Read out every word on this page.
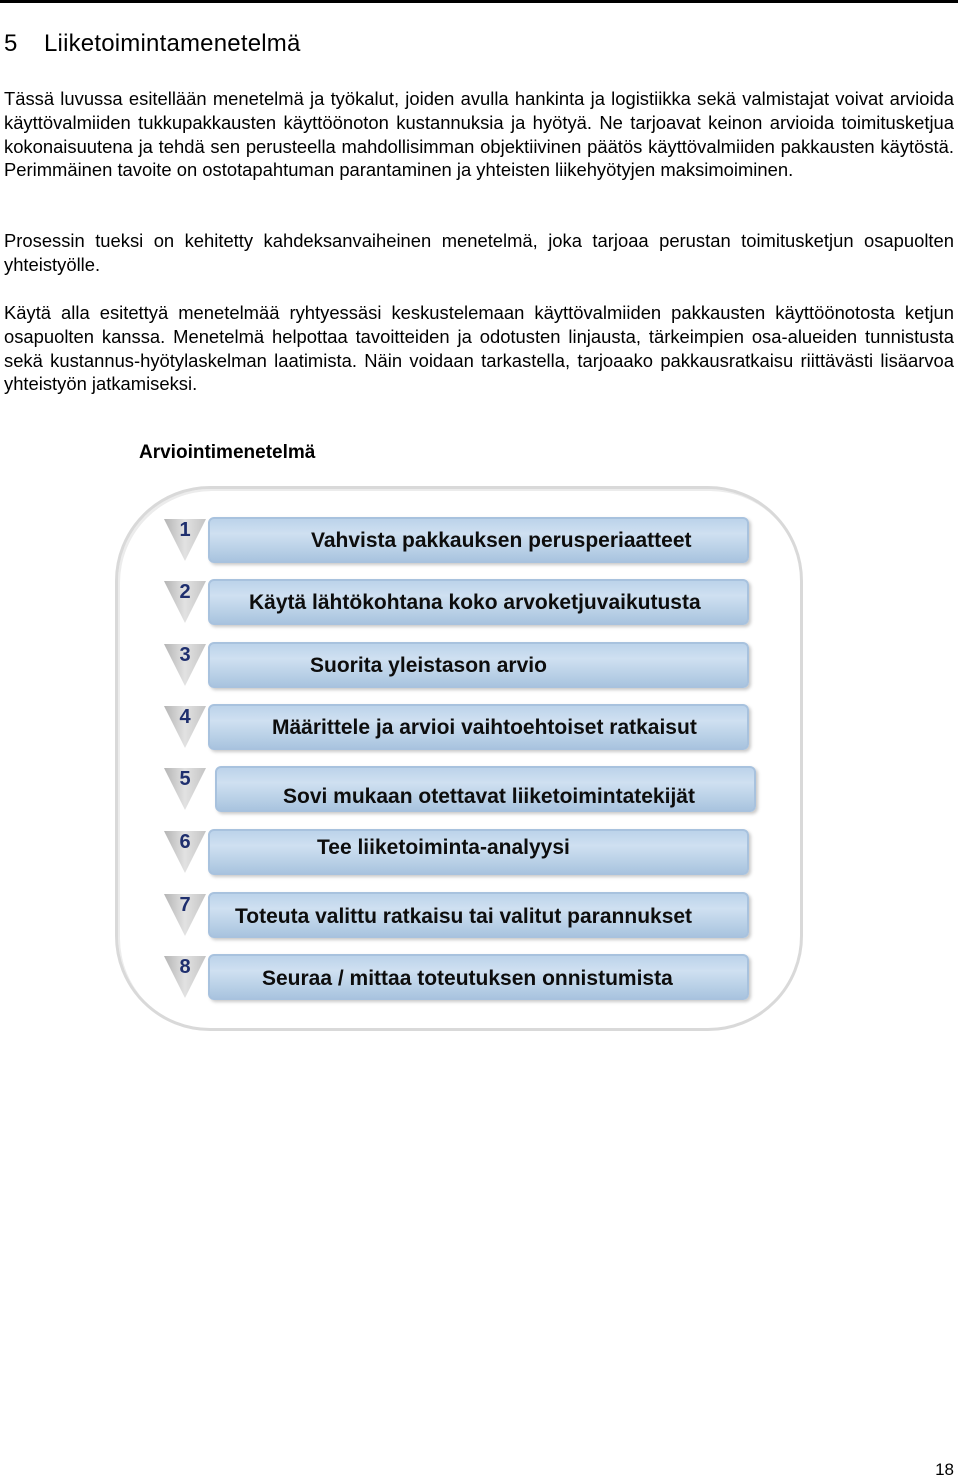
5 Liiketoimintamenetelmä

Tässä luvussa esitellään menetelmä ja työkalut, joiden avulla hankinta ja logistiikka sekä valmistajat voivat arvioida käyttövalmiiden tukkupakkausten käyttöönoton kustannuksia ja hyötyä. Ne tarjoavat keinon arvioida toimitusketjua kokonaisuutena ja tehdä sen perusteella mahdollisimman objektiivinen päätös käyttövalmiiden pakkausten käytöstä. Perimmäinen tavoite on ostotapahtuman parantaminen ja yhteisten liikehyötyjen maksimoiminen.

Prosessin tueksi on kehitetty kahdeksanvaiheinen menetelmä, joka tarjoaa perustan toimitusketjun osapuolten yhteistyölle.

Käytä alla esitettyä menetelmää ryhtyessäsi keskustelemaan käyttövalmiiden pakkausten käyttöönotosta ketjun osapuolten kanssa. Menetelmä helpottaa tavoitteiden ja odotusten linjausta, tärkeimpien osa-alueiden tunnistusta sekä kustannus-hyötylaskelman laatimista. Näin voidaan tarkastella, tarjoaako pakkausratkaisu riittävästi lisäarvoa yhteistyön jatkamiseksi.

Arviointimenetelmä

1	Vahvista pakkauksen perusperiaatteet
2	Käytä lähtökohtana koko arvoketjuvaikutusta
3	Suorita yleistason arvio
4	Määrittele ja arvioi vaihtoehtoiset ratkaisut
5
Sovi mukaan otettavat liiketoimintatekijät
6	Tee liiketoiminta-analyysi
7	Toteuta valittu ratkaisu tai valitut parannukset
8	Seuraa / mittaa toteutuksen onnistumista
18
